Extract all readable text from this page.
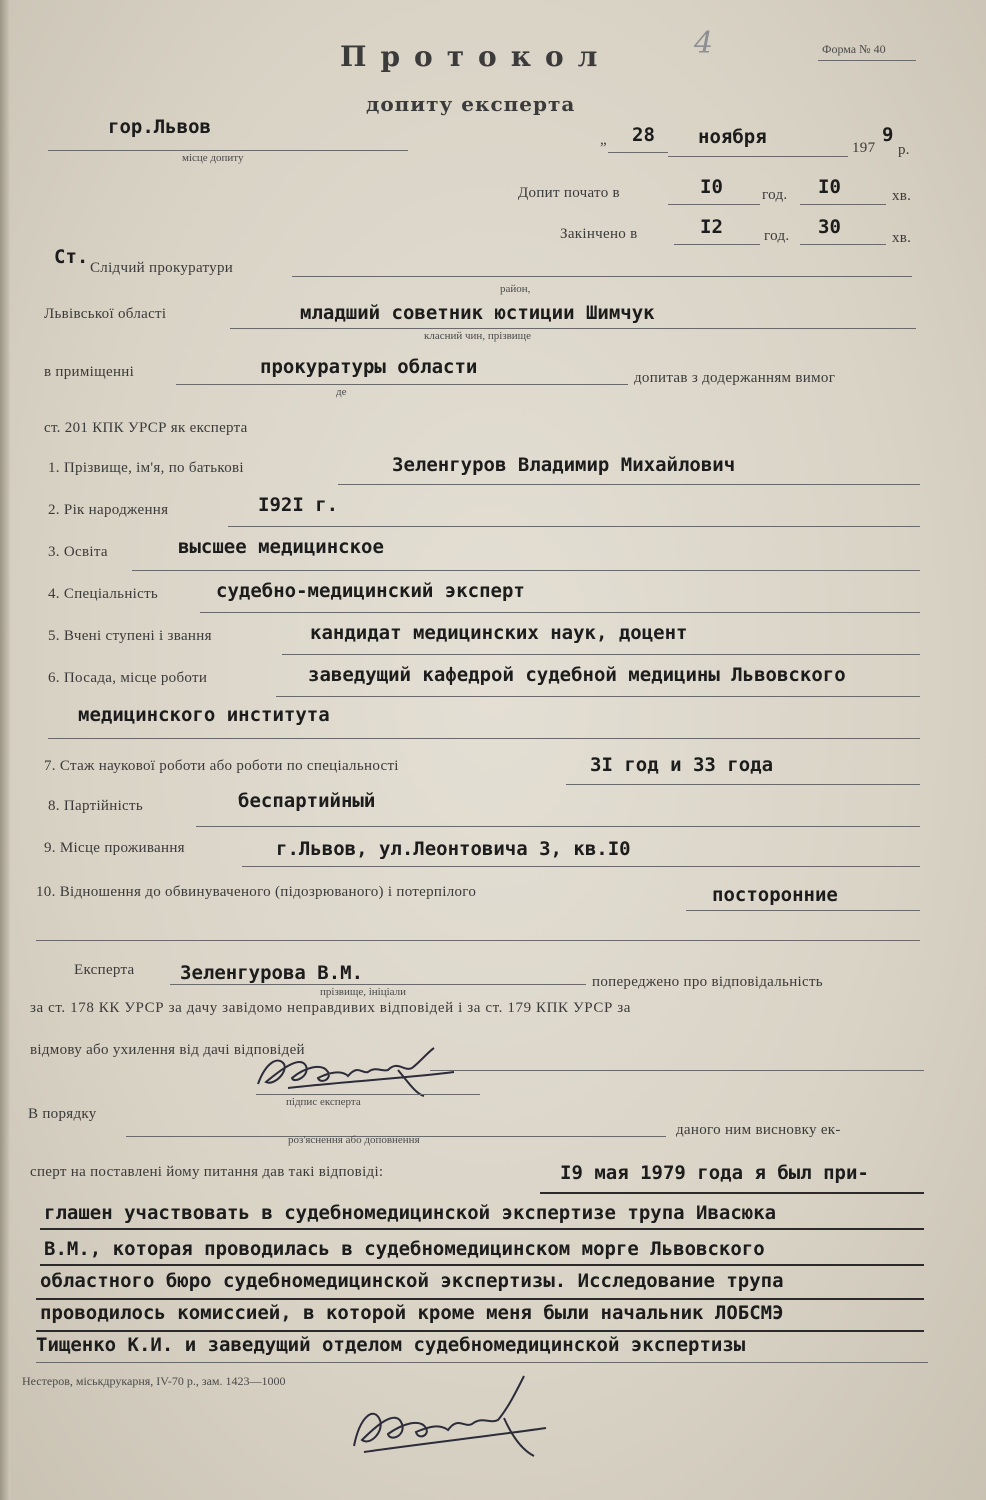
Протокол
допиту експерта
Форма № 40
4
гор.Львов
місце допиту
„ 28 ноября	197
9
р.
Допит почато в	I0	год. I0	хв.
Закінчено в	I2	год. 30	хв.
Ст. Слідчий прокуратури
район,
Львівської області	младший советник юстиции Шимчук
класний чин, прізвище
в приміщенні	прокуратуры области
де
допитав з додержанням вимог
ст. 201 КПК УРСР як експерта
1. Прізвище, ім'я, по батькові	Зеленгуров Владимир Михайлович
2. Рік народження	I92I г.
3. Освіта	высшее медицинское
4. Спеціальність	судебно-медицинский эксперт
5. Вчені ступені і звання	кандидат медицинских наук, доцент
6. Посада, місце роботи	заведущий кафедрой судебной медицины Львовского
медицинского института
7. Стаж наукової роботи або роботи по спеціальності	3I год и 33 года
8. Партійність	беспартийный
9. Місце проживання	г.Львов, ул.Леонтовича 3, кв.I0
10. Відношення до обвинуваченого (підозрюваного) і потерпілого	посторонние
Експерта Зеленгурова В.М.
прізвище, ініціали
попереджено про відповідальність
за ст. 178 КК УРСР за дачу завідомо неправдивих відповідей і за ст. 179 КПК УРСР за
відмову або ухилення від дачі відповідей
підпис експерта
В порядку
роз'яснення або доповнення
даного ним висновку ек-
сперт на поставлені йому питання дав такі відповіді:	I9 мая 1979 года я был при-
глашен участвовать в судебномедицинской экспертизе трупа Ивасюка
В.М., которая проводилась в судебномедицинском морге Львовского
областного бюро судебномедицинской экспертизы. Исследование трупа
проводилось комиссией, в которой кроме меня были начальник ЛОБСМЭ
Тищенко К.И. и заведущий отделом судебномедицинской экспертизы
Нестеров, міськдрукарня, IV-70 р., зам. 1423—1000
